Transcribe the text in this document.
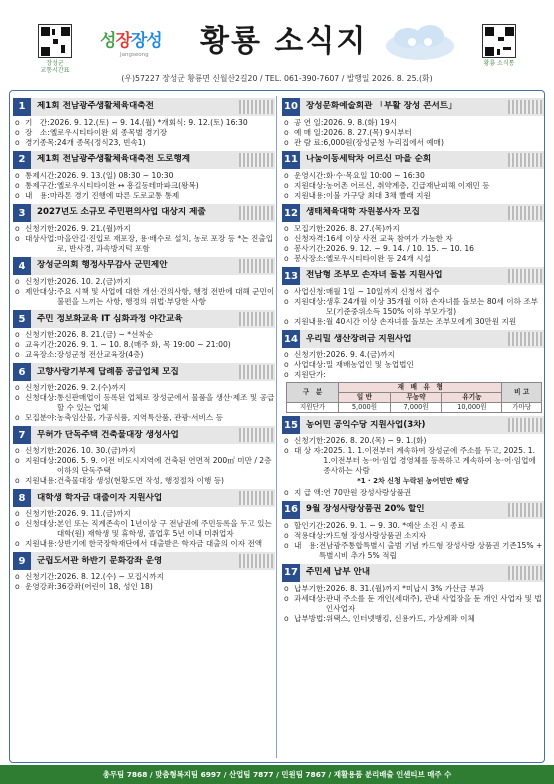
장성군
교통시간표
성장장성
Jangseong 황룡 소식지
황룡 소식통
(우)57227 장성군 황룡면 신월산2길20 / TEL. 061-390-7607 / 발행일 2026. 8. 25.(화)
1	제1회 전남광주생활체육대축전
o 기　간 : 2026. 9. 12.(토) ~ 9. 14.(월) *개회식: 9. 12.(토) 16:30
o 장　소 : 옐로우시티타이완 외 종목별 경기장
o 경기종목 : 24개 종목(정식23, 빈속1)
2	제1회 전남광주생활체육대축전 도로행계
o 통제시간 : 2026. 9. 13.(일) 08:30 ~ 10:30
o 통제구간 : 옐로우시티타이완 ↔ 흥길동테마파크(왕복)
o 내　용 : 마라톤 경기 진행에 따른 도로교통 통제
3	2027년도 소규모 주민편의사업 대상지 제출
o 신청기한 : 2026. 9. 21.(월)까지
o 대상사업 : 마을안길·진입로 재포장, 용·배수로 설치, 농로 포장 등 *논 진출입로, 반사경, 과속방지턱 포함
4	장성군의회 행정사무감사 군민제안
o 신청기한 : 2026. 10. 2.(금)까지
o 제안대상 : 주요 시책 및 사업에 대한 개선·건의사항, 행정 전반에 대해 군민이 불편을 느끼는 사항, 행정의 위법·부당한 사항
5	주민 정보화교육 IT 심화과정 야간교육
o 신청기한 : 2026. 8. 21.(금) ~ *선착순
o 교육기간 : 2026. 9. 1. ~ 10. 8.(매주 화, 목 19:00 ~ 21:00)
o 교육장소 : 장성군청 전산교육장(4층)
6	고향사랑기부제 답례품 공급업체 모집
o 신청기한 : 2026. 9. 2.(수)까지
o 신청대상 : 통신판매업이 등록된 업체로 장성군에서 물품을 생산·제조 및 공급할 수 있는 업체
o 모집분야 : 농축임산물, 가공식품, 지역특산품, 관광·서비스 등
7	무허가 단독주택 건축물대장 생성사업
o 신청기한 : 2026. 10. 30.(금)까지
o 지원대상 : 2006. 5. 9. 이전 비도시지역에 건축된 연면적 200㎡ 미만 / 2층 이하의 단독주택
o 지원내용 : 건축물대장 생성(현황도면 작성, 행정절차 이행 등)
8	대학생 학자금 대출이자 지원사업
o 신청기한 : 2026. 9. 11.(금)까지
o 신청대상 : 본인 또는 직계존속이 1년이상 구 전남권에 주민등록을 두고 있는 대학(원) 재학생 및 휴학생, 졸업후 5년 이내 미취업자
o 지원내용 : 상반기에 한국장학재단에서 대출받은 학자금 대출의 이자 전액
9	군립도서관 하반기 문화강좌 운영
o 신청기간 : 2026. 8. 12.(수) ~ 모집시까지
o 운영강좌 : 36강좌(어린이 18, 성인 18)
10 장성문화예술회관 「부활 장성 콘서트」
o 공 연 일 : 2026. 9. 8.(화) 19시
o 예 매 일 : 2026. 8. 27.(목) 9시부터
o 관 람 료 : 6,000원(장성군청 누리집에서 예매)
11 나눔이동세탁차 어르신 마을 순회
o 운영시간 : 화·수·목요일 10:00 ~ 16:30
o 지원대상 : 농어촌 어르신, 취약계층, 긴급재난피해 이재민 등
o 지원내용 : 이불 가구당 최대 3채 빨래 지원
12 생태체육대학 자원봉사자 모집
o 모집기한 : 2026. 8. 27.(목)까지
o 신청자격 : 16세 이상 사전 교육 참여가 가능한 자
o 봉사기간 : 2026. 9. 12. ~ 9. 14. / 10. 15. ~ 10. 16
o 봉사장소 : 옐로우시티타이완 등 24개 시설
13 전남형 조부모 손자녀 돌봄 지원사업
o 사업신청 : 매월 1일 ~ 10일까지 신청서 접수
o 지원대상 : 생후 24개월 이상 35개월 이하 손자녀를 돌보는 80세 이하 조부모(기준중위소득 150% 이하 부모가정)
o 지원내용 : 월 40시간 이상 손자녀를 돌보는 조부모에게 30만원 지원
14 우리밀 생산장려금 지원사업
o 신청기한 : 2026. 9. 4.(금)까지
o 사업대상 : 밀 재배농업인 및 농업법인
o 지원단가 :
구　분	재　배　유　형			비 고
	일 반	무농약	유기농	
지원단가	5,000원	7,000원	10,000원	가마당
15 농어민 공익수당 지원사업(3차)
o 신청기한 : 2026. 8. 20.(목) ~ 9. 1.(화)
o 대 상 자 : 2025. 1. 1.이전부터 계속하여 장성군에 주소를 두고, 2025. 1. 1.이전부터 농·어·임업 경영체를 등록하고 계속하여 농·어·임업에 종사하는 사람
*1 · 2차 신청 누락된 농어민만 해당
o 지 급 액 : 연 70만원 장성사랑상품권
16 9월 장성사랑상품권 20% 할인
o 할인기간 : 2026. 9. 1. ~ 9. 30. *예산 소진 시 종료
o 적용대상 : 카드형 장성사랑상품권 소지자
o 내　용 : 전남광주통합특별시 출범 기념 카드형 장성사랑 상품권 기존15% + 특별시비 추가 5% 적립
17 주민세 납부 안내
o 납부기한 : 2026. 8. 31.(월)까지 *미납시 3% 가산금 부과
o 과세대상 : 관내 주소를 둔 개인(세대주), 관내 사업장을 둔 개인 사업자 및 법인사업자
o 납부방법 : 위택스, 인터넷뱅킹, 신용카드, 가상계좌 이체
총무팀 7868 / 맞춤형복지팀 6997 / 산업팀 7877 / 민원팀 7867 / 재활용품 분리배출 인센티브 매주 수
